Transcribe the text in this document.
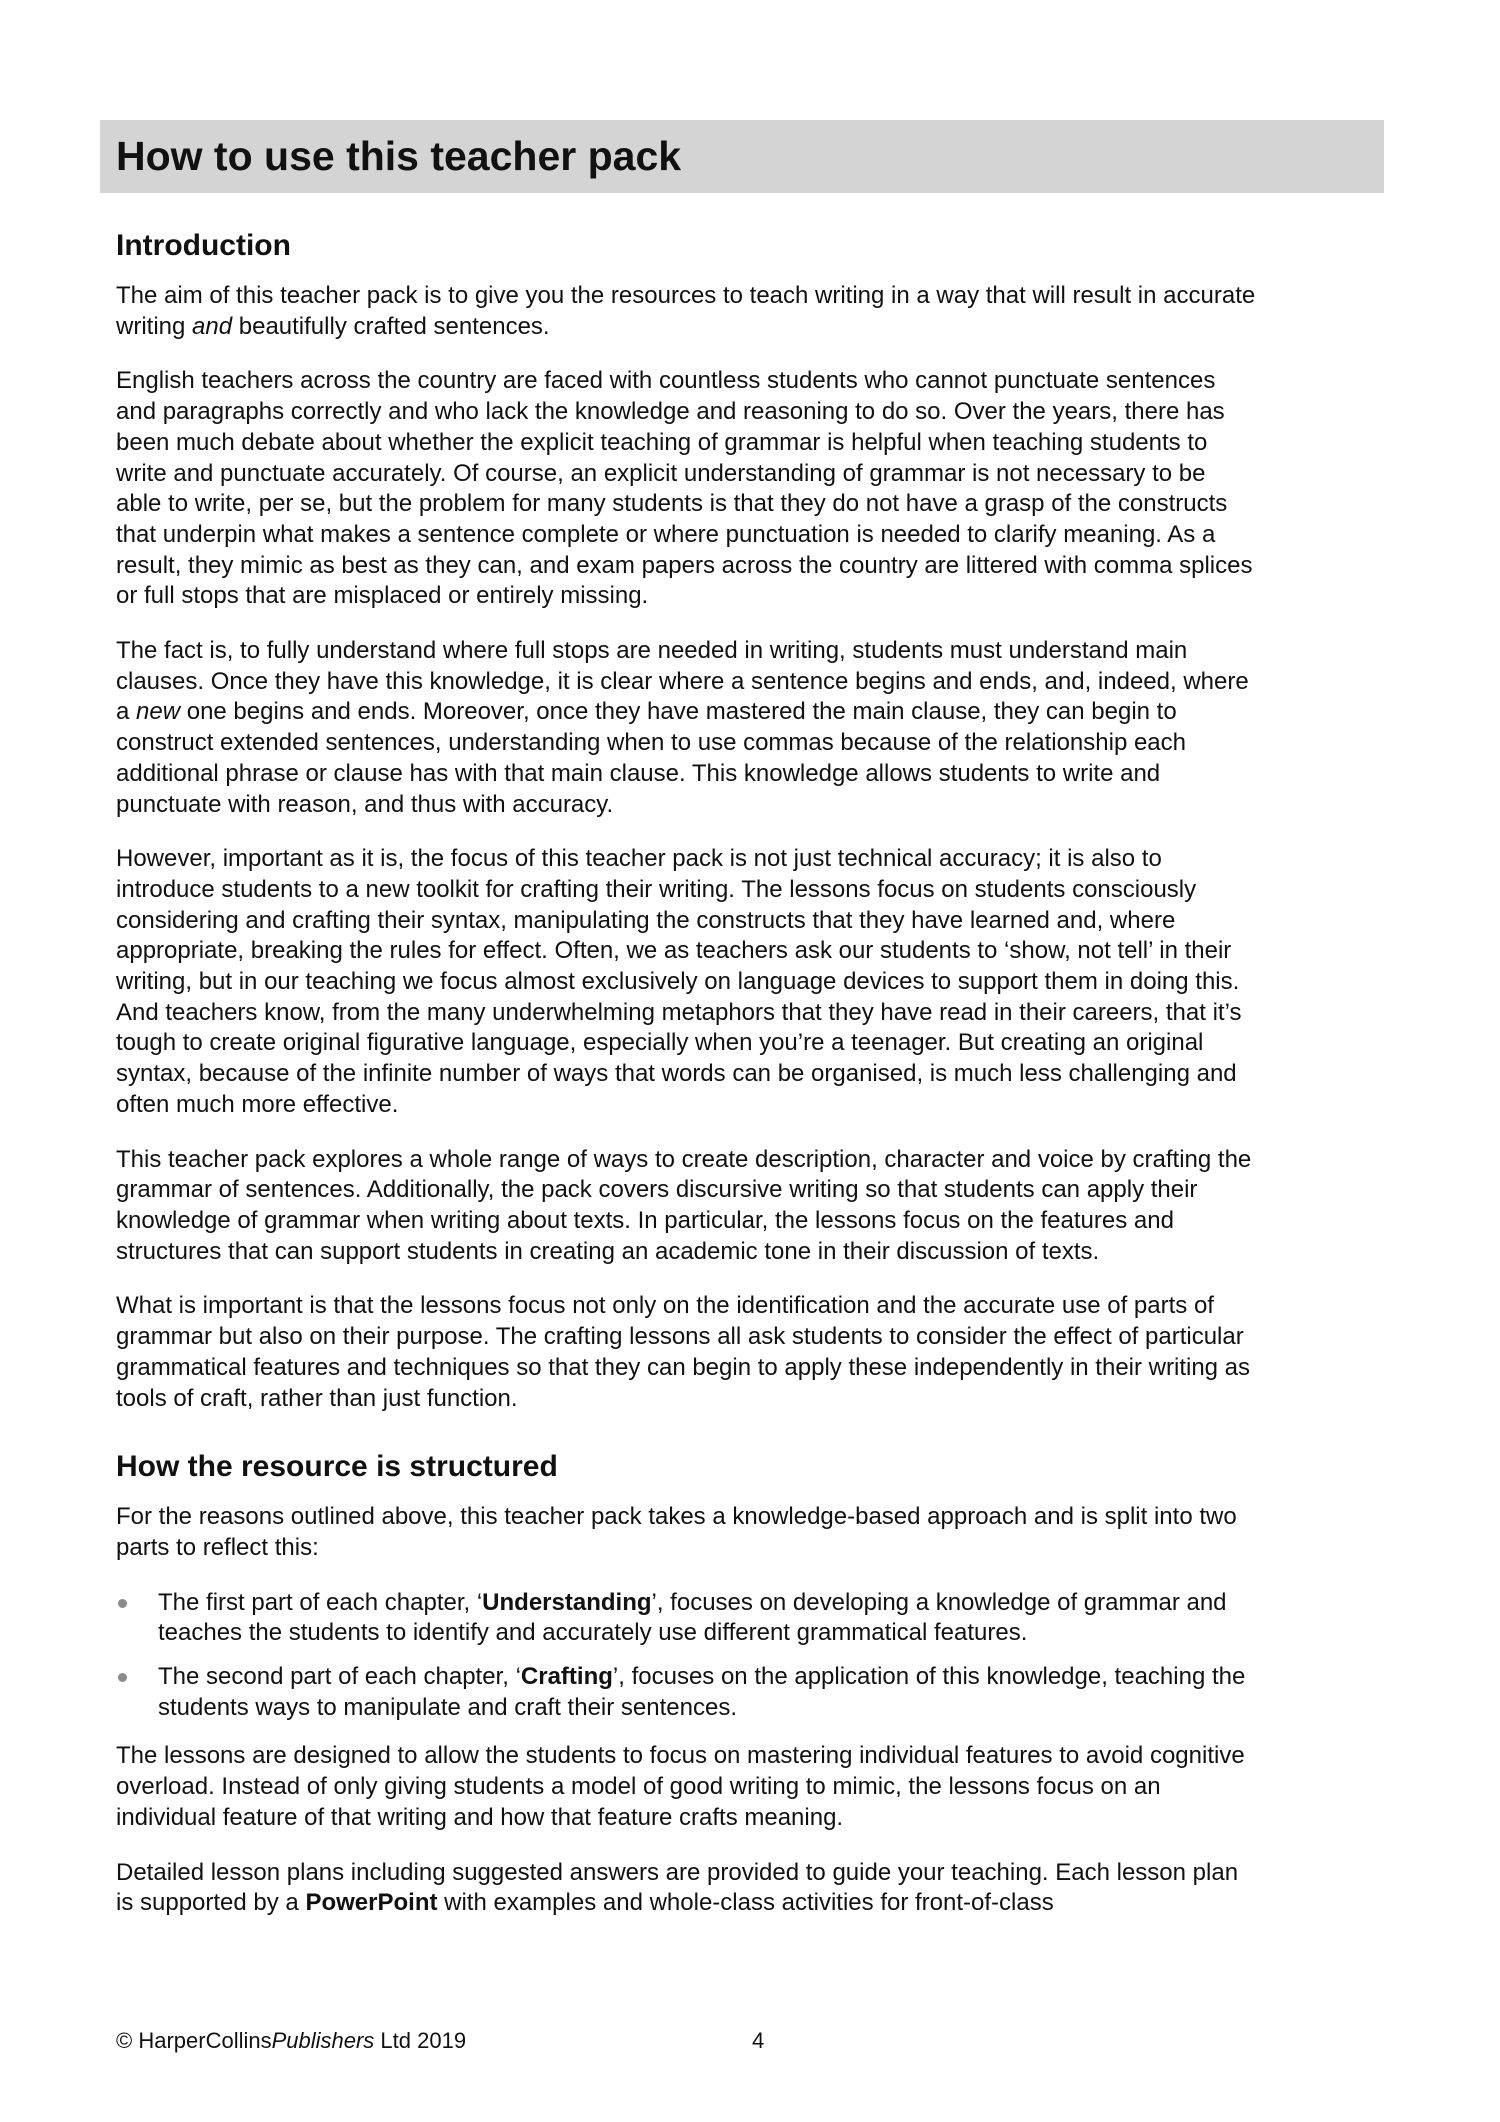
How to use this teacher pack
Introduction

The aim of this teacher pack is to give you the resources to teach writing in a way that will result in accurate writing and beautifully crafted sentences.

English teachers across the country are faced with countless students who cannot punctuate sentences and paragraphs correctly and who lack the knowledge and reasoning to do so. Over the years, there has been much debate about whether the explicit teaching of grammar is helpful when teaching students to write and punctuate accurately. Of course, an explicit understanding of grammar is not necessary to be able to write, per se, but the problem for many students is that they do not have a grasp of the constructs that underpin what makes a sentence complete or where punctuation is needed to clarify meaning. As a result, they mimic as best as they can, and exam papers across the country are littered with comma splices or full stops that are misplaced or entirely missing.

The fact is, to fully understand where full stops are needed in writing, students must understand main clauses. Once they have this knowledge, it is clear where a sentence begins and ends, and, indeed, where a new one begins and ends. Moreover, once they have mastered the main clause, they can begin to construct extended sentences, understanding when to use commas because of the relationship each additional phrase or clause has with that main clause. This knowledge allows students to write and punctuate with reason, and thus with accuracy.

However, important as it is, the focus of this teacher pack is not just technical accuracy; it is also to introduce students to a new toolkit for crafting their writing. The lessons focus on students consciously considering and crafting their syntax, manipulating the constructs that they have learned and, where appropriate, breaking the rules for effect. Often, we as teachers ask our students to ‘show, not tell’ in their writing, but in our teaching we focus almost exclusively on language devices to support them in doing this. And teachers know, from the many underwhelming metaphors that they have read in their careers, that it’s tough to create original figurative language, especially when you’re a teenager. But creating an original syntax, because of the infinite number of ways that words can be organised, is much less challenging and often much more effective.

This teacher pack explores a whole range of ways to create description, character and voice by crafting the grammar of sentences. Additionally, the pack covers discursive writing so that students can apply their knowledge of grammar when writing about texts. In particular, the lessons focus on the features and structures that can support students in creating an academic tone in their discussion of texts.

What is important is that the lessons focus not only on the identification and the accurate use of parts of grammar but also on their purpose. The crafting lessons all ask students to consider the effect of particular grammatical features and techniques so that they can begin to apply these independently in their writing as tools of craft, rather than just function.

How the resource is structured

For the reasons outlined above, this teacher pack takes a knowledge-based approach and is split into two parts to reflect this:

The first part of each chapter, ‘Understanding’, focuses on developing a knowledge of grammar and teaches the students to identify and accurately use different grammatical features.
The second part of each chapter, ‘Crafting’, focuses on the application of this knowledge, teaching the students ways to manipulate and craft their sentences.

The lessons are designed to allow the students to focus on mastering individual features to avoid cognitive overload. Instead of only giving students a model of good writing to mimic, the lessons focus on an individual feature of that writing and how that feature crafts meaning.

Detailed lesson plans including suggested answers are provided to guide your teaching. Each lesson plan is supported by a PowerPoint with examples and whole-class activities for front-of-class

© HarperCollinsPublishers Ltd 2019	4
